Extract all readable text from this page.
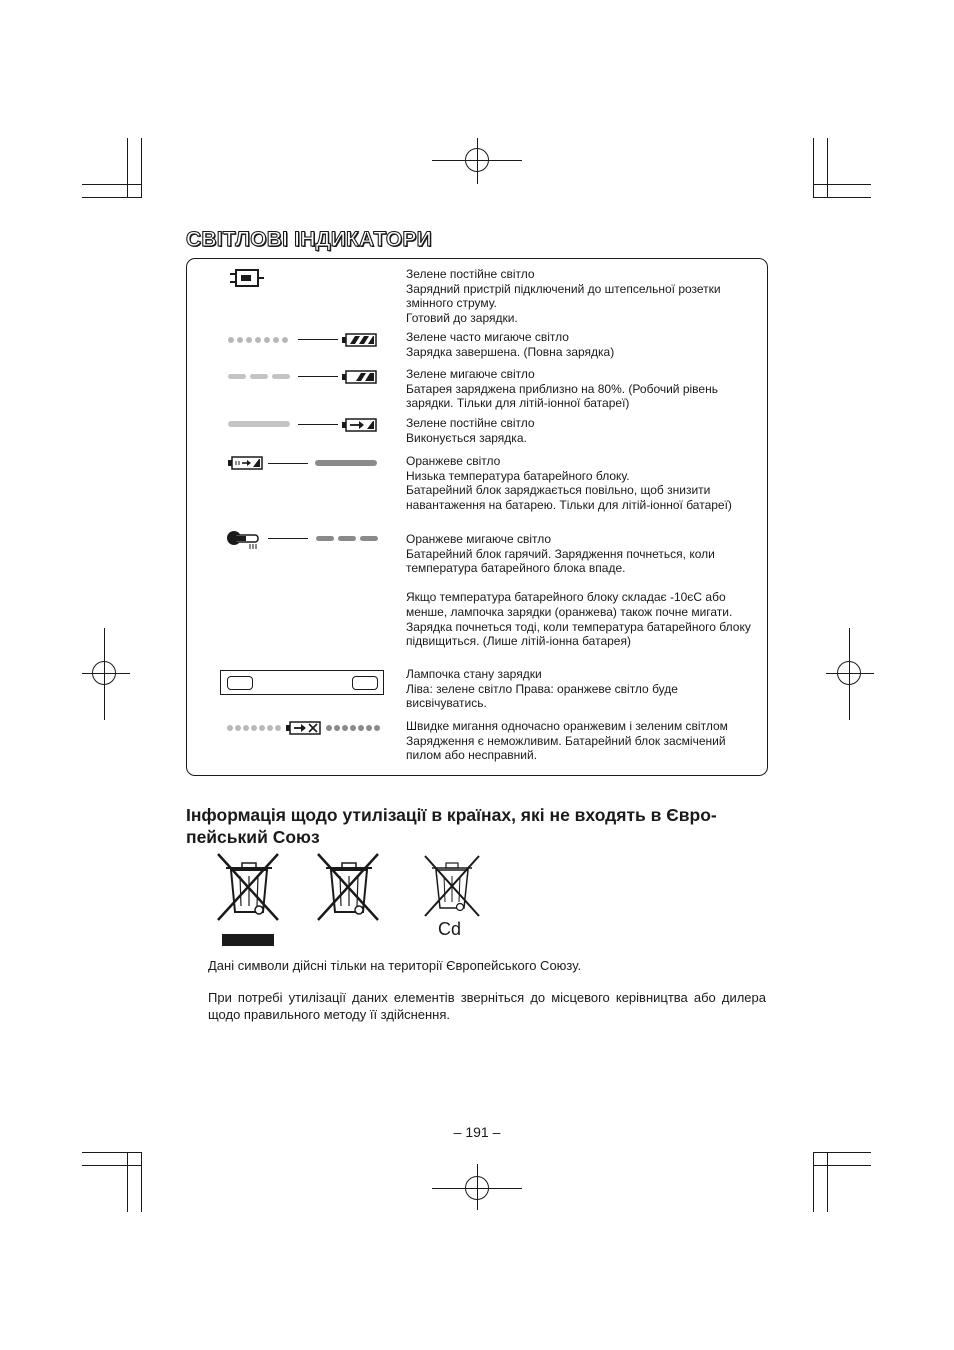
СВІТЛОВІ ІНДИКАТОРИ
Зелене постійне світло
Зарядний пристрій підключений до штепсельної розетки змінного струму.
Готовий до зарядки.
Зелене часто мигаюче світло
Зарядка завершена. (Повна зарядка)
Зелене мигаюче світло
Батарея заряджена приблизно на 80%. (Робочий рівень зарядки. Тільки для літій-іонної батареї)
Зелене постійне світло
Виконується зарядка.
Оранжеве світло
Низька температура батарейного блоку.
Батарейний блок заряджається повільно, щоб знизити навантаження на батарею. Тільки для літій-іонної батареї)
Оранжеве мигаюче світло
Батарейний блок гарячий. Зарядження почнеться, коли температура батарейного блока впаде.

Якщо температура батарейного блоку складає -10єC або менше, лампочка зарядки (оранжева) також почне мигати. Зарядка почнеться тоді, коли температура батарейного блоку підвищиться. (Лише літій-іонна батарея)
Лампочка стану зарядки
Ліва: зелене світло Права: оранжеве світло буде висвічуватись.
Швидке мигання одночасно оранжевим і зеленим світлом
Зарядження є неможливим. Батарейний блок засмічений пилом або несправний.
Інформація щодо утилізації в країнах, які не входять в Євро-
пейський Союз
Cd
Дані символи дійсні тільки на території Європейського Союзу.
При потребі утилізації даних елементів зверніться до місцевого керівництва або дилера щодо правильного методу її здійснення.
– 191 –
